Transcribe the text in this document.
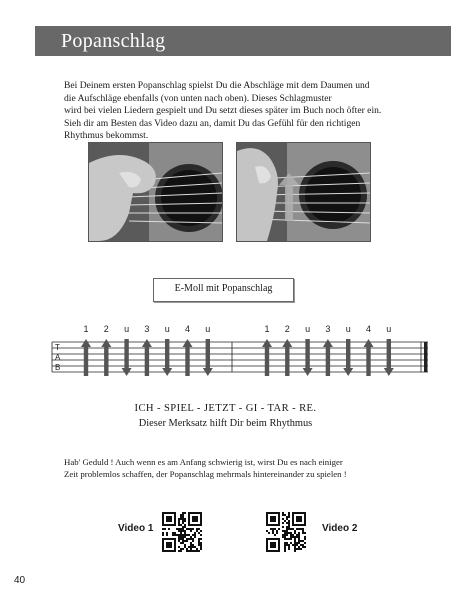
Popanschlag
Bei Deinem ersten Popanschlag spielst Du die Abschläge mit dem Daumen und
die Aufschläge ebenfalls (von unten nach oben). Dieses Schlagmuster
wird bei vielen Liedern gespielt und Du setzt dieses später im Buch noch öfter ein.
Sieh dir am Besten das Video dazu an, damit Du das Gefühl für den richtigen
Rhythmus bekommst.
E-Moll mit Popanschlag
T
A
B
1 2 u 3 u 4 u	1 2 u 3 u 4 u
ICH - SPIEL - JETZT - GI - TAR - RE.
Dieser Merksatz hilft Dir beim Rhythmus
Hab' Geduld ! Auch wenn es am Anfang schwierig ist, wirst Du es nach einiger
Zeit problemlos schaffen, der Popanschlag mehrmals hintereinander zu spielen !
Video 1	Video 2
40
